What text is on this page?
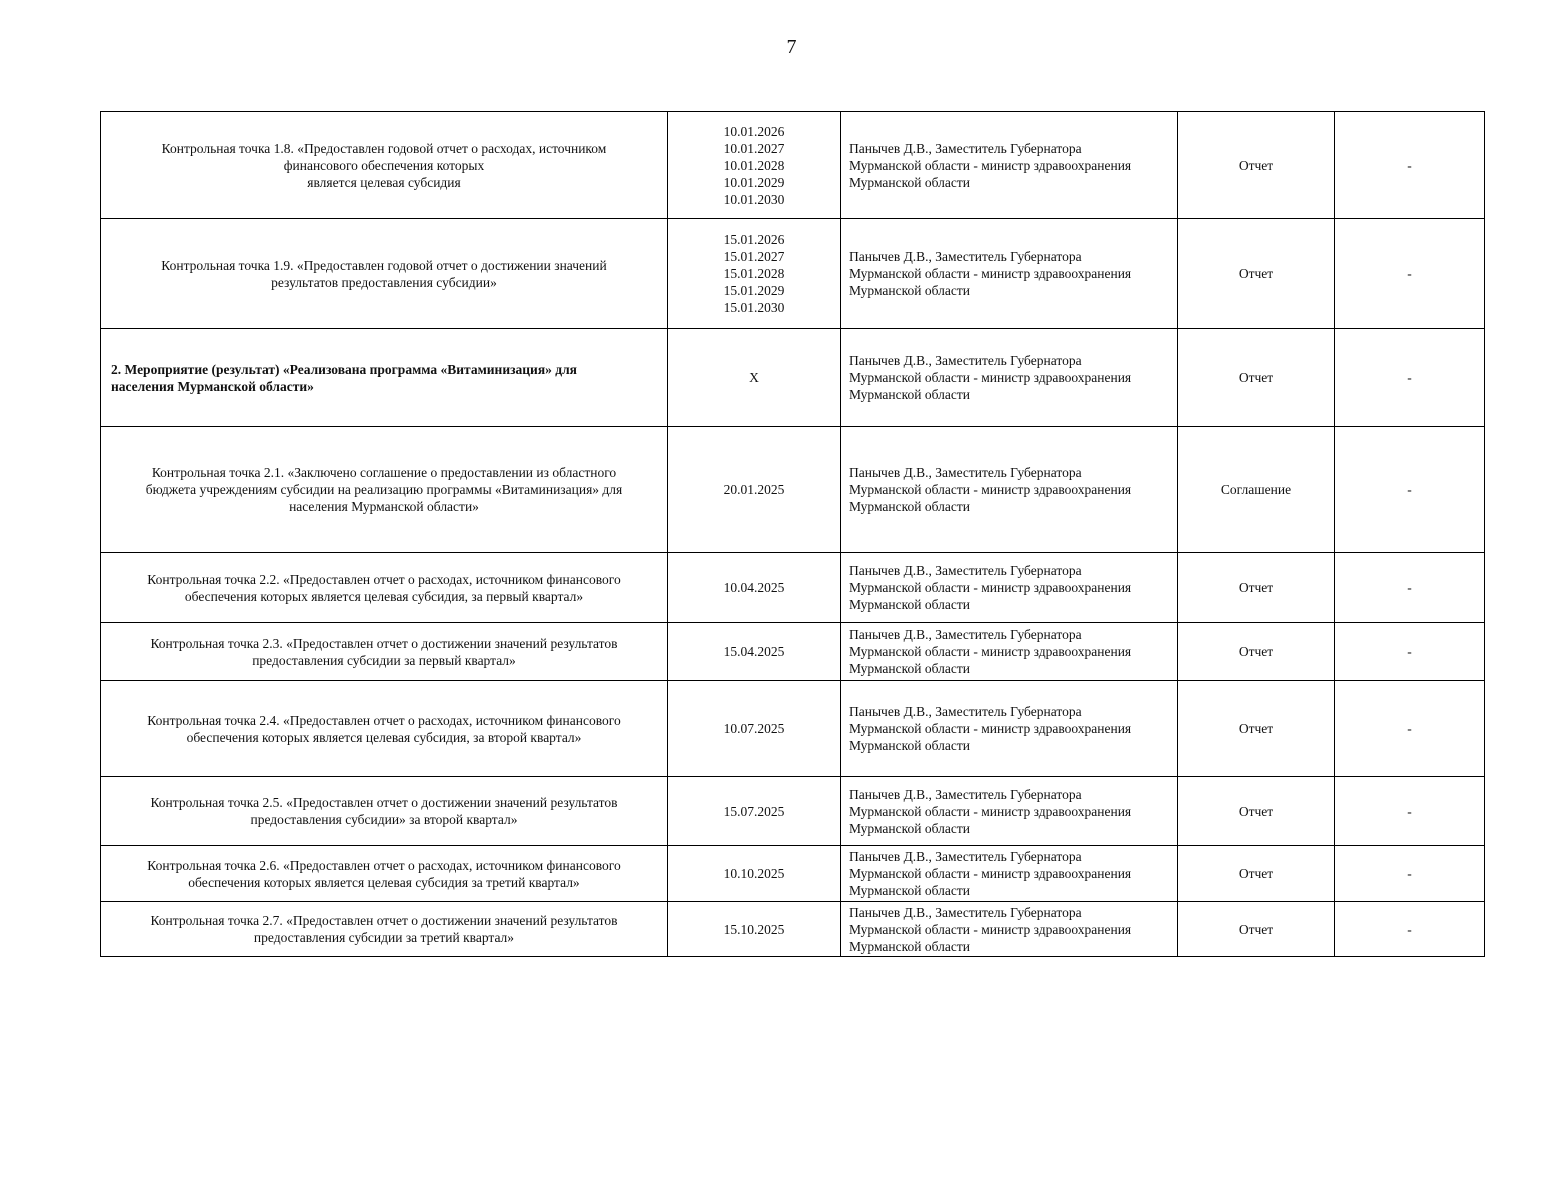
7
Контрольная точка 1.8. «Предоставлен годовой отчет о расходах, источником
финансового обеспечения которых
является целевая субсидия	10.01.2026
10.01.2027
10.01.2028
10.01.2029
10.01.2030	Панычев Д.В., Заместитель Губернатора
Мурманской области - министр здравоохранения
Мурманской области	Отчет	-

Контрольная точка 1.9. «Предоставлен годовой отчет о достижении значений
результатов предоставления субсидии»	15.01.2026
15.01.2027
15.01.2028
15.01.2029
15.01.2030	Панычев Д.В., Заместитель Губернатора
Мурманской области - министр здравоохранения
Мурманской области	Отчет	-

2. Мероприятие (результат) «Реализована программа «Витаминизация» для
населения Мурманской области»	X	Панычев Д.В., Заместитель Губернатора
Мурманской области - министр здравоохранения
Мурманской области	Отчет	-

Контрольная точка 2.1. «Заключено соглашение о предоставлении из областного
бюджета учреждениям субсидии на реализацию программы «Витаминизация» для
населения Мурманской области»	20.01.2025	Панычев Д.В., Заместитель Губернатора
Мурманской области - министр здравоохранения
Мурманской области	Соглашение	-

Контрольная точка 2.2. «Предоставлен отчет о расходах, источником финансового
обеспечения которых является целевая субсидия, за первый квартал»	10.04.2025	Панычев Д.В., Заместитель Губернатора
Мурманской области - министр здравоохранения
Мурманской области	Отчет	-

Контрольная точка 2.3. «Предоставлен отчет о достижении значений результатов
предоставления субсидии за первый квартал»	15.04.2025	Панычев Д.В., Заместитель Губернатора
Мурманской области - министр здравоохранения
Мурманской области	Отчет	-

Контрольная точка 2.4. «Предоставлен отчет о расходах, источником финансового
обеспечения которых является целевая субсидия, за второй квартал»	10.07.2025	Панычев Д.В., Заместитель Губернатора
Мурманской области - министр здравоохранения
Мурманской области	Отчет	-

Контрольная точка 2.5. «Предоставлен отчет о достижении значений результатов
предоставления субсидии» за второй квартал»	15.07.2025	Панычев Д.В., Заместитель Губернатора
Мурманской области - министр здравоохранения
Мурманской области	Отчет	-

Контрольная точка 2.6. «Предоставлен отчет о расходах, источником финансового
обеспечения которых является целевая субсидия за третий квартал»	10.10.2025	Панычев Д.В., Заместитель Губернатора
Мурманской области - министр здравоохранения
Мурманской области	Отчет	-

Контрольная точка 2.7. «Предоставлен отчет о достижении значений результатов
предоставления субсидии за третий квартал»	15.10.2025	Панычев Д.В., Заместитель Губернатора
Мурманской области - министр здравоохранения
Мурманской области	Отчет	-
